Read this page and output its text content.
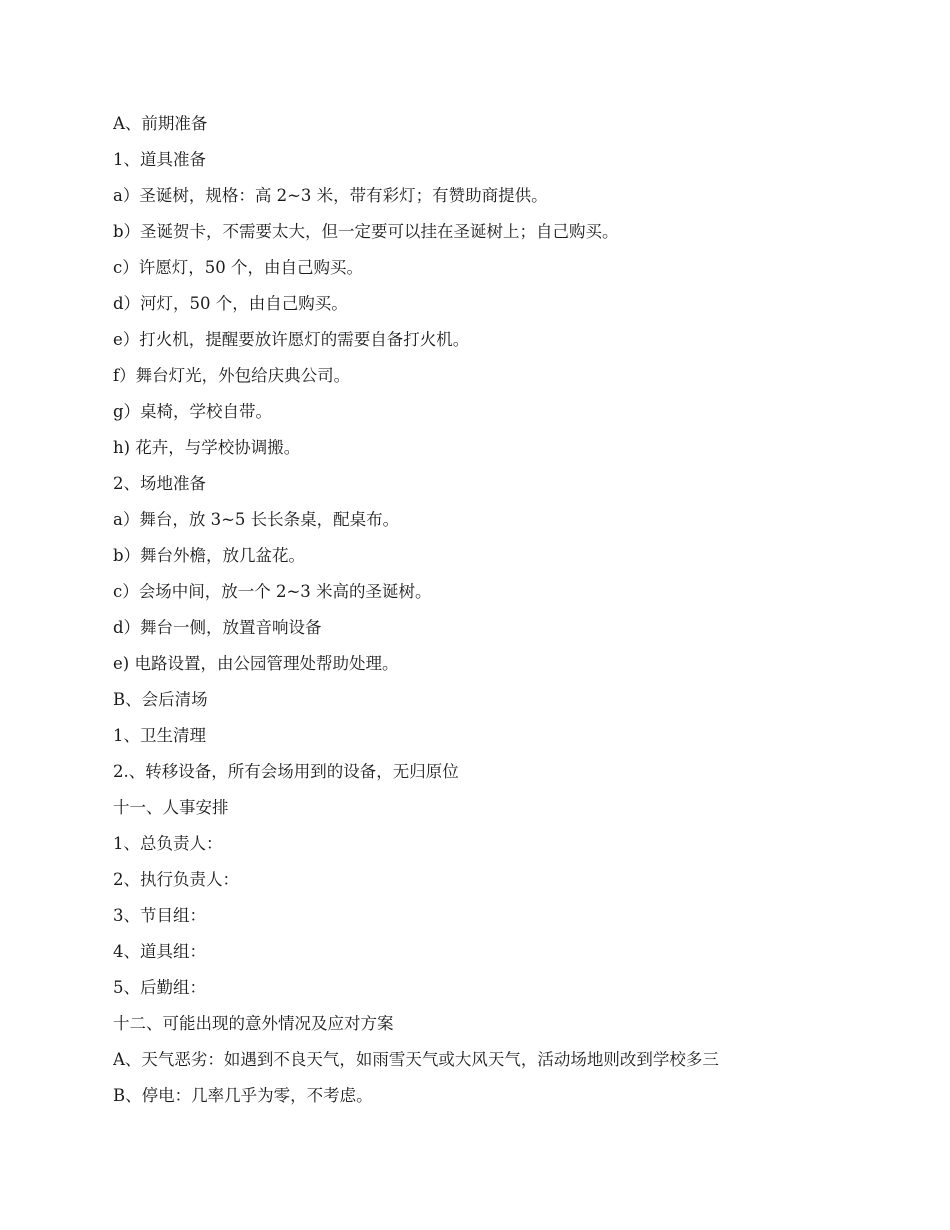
A、前期准备
1、道具准备
a）圣诞树，规格：高 2~3 米，带有彩灯；有赞助商提供。
b）圣诞贺卡，不需要太大，但一定要可以挂在圣诞树上；自己购买。
c）许愿灯，50 个，由自己购买。
d）河灯，50 个，由自己购买。
e）打火机，提醒要放许愿灯的需要自备打火机。
f）舞台灯光，外包给庆典公司。
g）桌椅，学校自带。
h) 花卉，与学校协调搬。
2、场地准备
a）舞台，放 3~5 长长条桌，配桌布。
b）舞台外檐，放几盆花。
c）会场中间，放一个 2~3 米高的圣诞树。
d）舞台一侧，放置音响设备
e) 电路设置，由公园管理处帮助处理。
B、会后清场
1、卫生清理
2.、转移设备，所有会场用到的设备，无归原位
十一、人事安排
1、总负责人：
2、执行负责人：
3、节目组：
4、道具组：
5、后勤组：
十二、可能出现的意外情况及应对方案
A、天气恶劣：如遇到不良天气，如雨雪天气或大风天气，活动场地则改到学校多三
B、停电：几率几乎为零，不考虑。
